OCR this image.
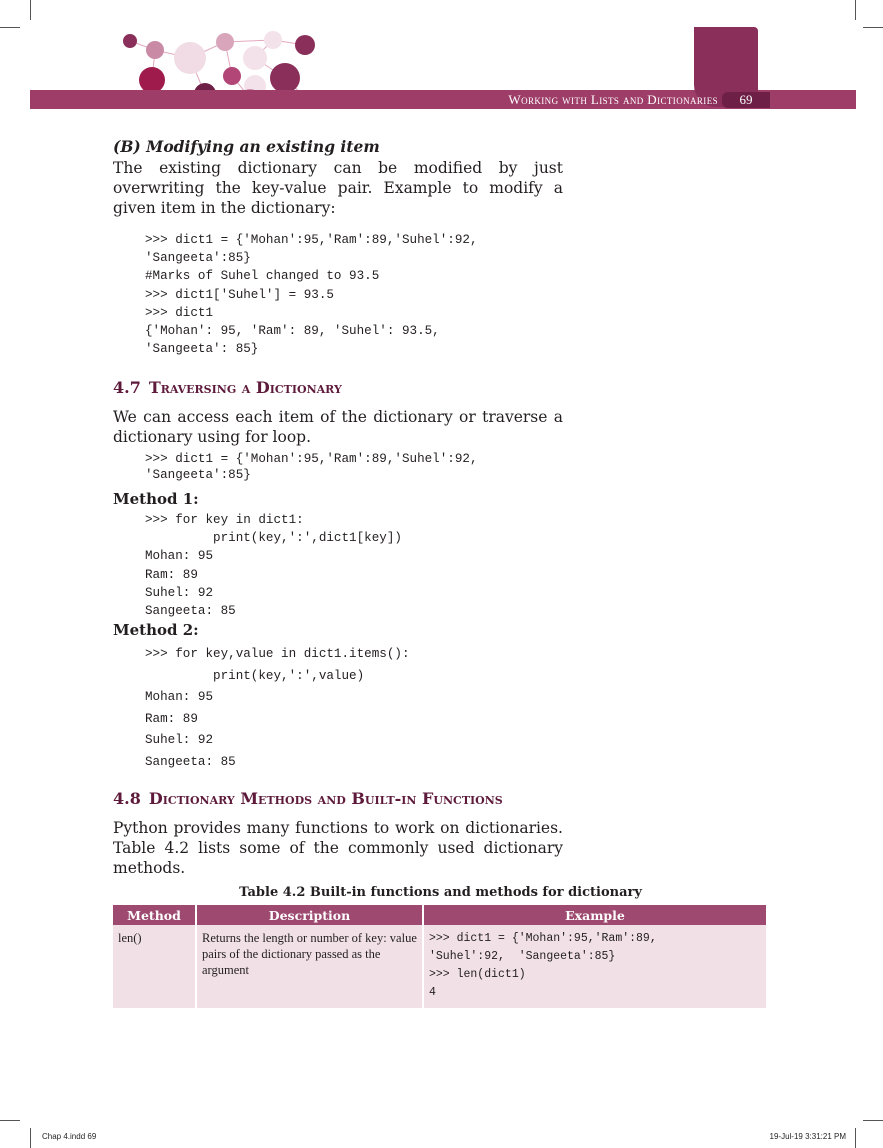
Working with Lists and Dictionaries	69
(B) Modifying an existing item
The existing dictionary can be modified by just overwriting the key-value pair. Example to modify a given item in the dictionary:
>>> dict1 = {'Mohan':95,'Ram':89,'Suhel':92,
'Sangeeta':85}
#Marks of Suhel changed to 93.5
>>> dict1['Suhel'] = 93.5
>>> dict1
{'Mohan': 95, 'Ram': 89, 'Suhel': 93.5,
'Sangeeta': 85}
4.7 Traversing a Dictionary
We can access each item of the dictionary or traverse a dictionary using for loop.
>>> dict1 = {'Mohan':95,'Ram':89,'Suhel':92,
'Sangeeta':85}
Method 1:
>>> for key in dict1:
print(key,':',dict1[key])
Mohan: 95
Ram: 89
Suhel: 92
Sangeeta: 85
Method 2:
>>> for key,value in dict1.items():
print(key,':',value)
Mohan: 95
Ram: 89
Suhel: 92
Sangeeta: 85
4.8 Dictionary Methods and Built-in Functions
Python provides many functions to work on dictionaries. Table 4.2 lists some of the commonly used dictionary methods.
Table 4.2 Built-in functions and methods for dictionary
Method	Description	Example
len()	Returns the length or number of key: value pairs of the dictionary passed as the argument	>>> dict1 = {'Mohan':95,'Ram':89,
'Suhel':92,  'Sangeeta':85}
>>> len(dict1)
4
Chap 4.indd 69	19-Jul-19 3:31:21 PM
